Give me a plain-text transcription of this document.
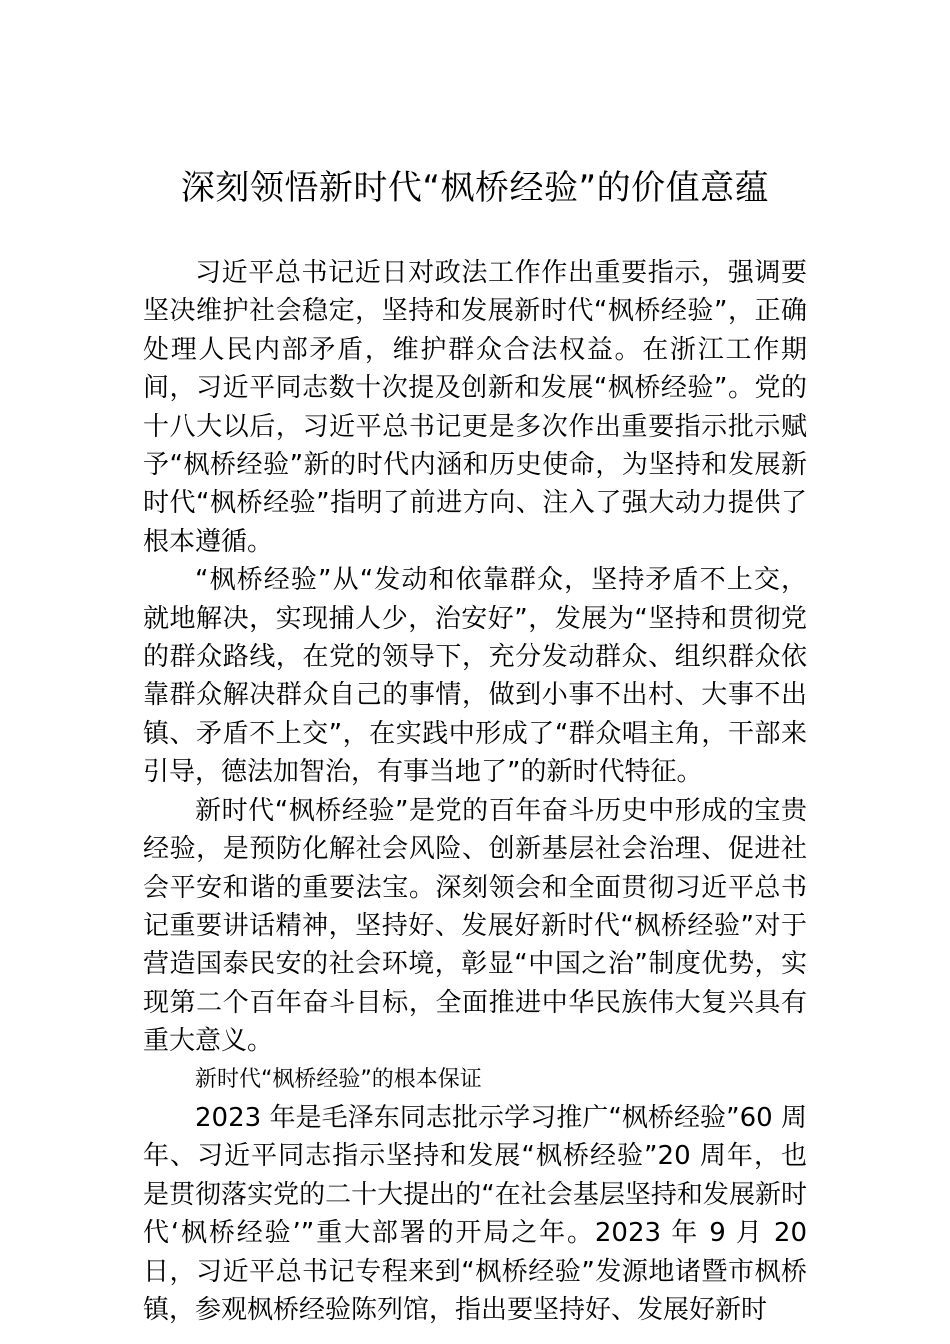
深刻领悟新时代“枫桥经验”的价值意蕴

习近平总书记近日对政法工作作出重要指示，强调要坚决维护社会稳定，坚持和发展新时代“枫桥经验”，正确处理人民内部矛盾，维护群众合法权益。在浙江工作期间，习近平同志数十次提及创新和发展“枫桥经验”。党的十八大以后，习近平总书记更是多次作出重要指示批示赋予“枫桥经验”新的时代内涵和历史使命，为坚持和发展新时代“枫桥经验”指明了前进方向、注入了强大动力提供了根本遵循。

“枫桥经验”从“发动和依靠群众，坚持矛盾不上交，就地解决，实现捕人少，治安好”，发展为“坚持和贯彻党的群众路线，在党的领导下，充分发动群众、组织群众依靠群众解决群众自己的事情，做到小事不出村、大事不出镇、矛盾不上交”，在实践中形成了“群众唱主角，干部来引导，德法加智治，有事当地了”的新时代特征。

新时代“枫桥经验”是党的百年奋斗历史中形成的宝贵经验，是预防化解社会风险、创新基层社会治理、促进社会平安和谐的重要法宝。深刻领会和全面贯彻习近平总书记重要讲话精神，坚持好、发展好新时代“枫桥经验”对于营造国泰民安的社会环境，彰显“中国之治”制度优势，实现第二个百年奋斗目标，全面推进中华民族伟大复兴具有重大意义。

新时代“枫桥经验”的根本保证

2023 年是毛泽东同志批示学习推广“枫桥经验”60 周年、习近平同志指示坚持和发展“枫桥经验”20 周年，也是贯彻落实党的二十大提出的“在社会基层坚持和发展新时代‘枫桥经验’”重大部署的开局之年。2023 年 9 月 20 日，习近平总书记专程来到“枫桥经验”发源地诸暨市枫桥镇，参观枫桥经验陈列馆，指出要坚持好、发展好新时
